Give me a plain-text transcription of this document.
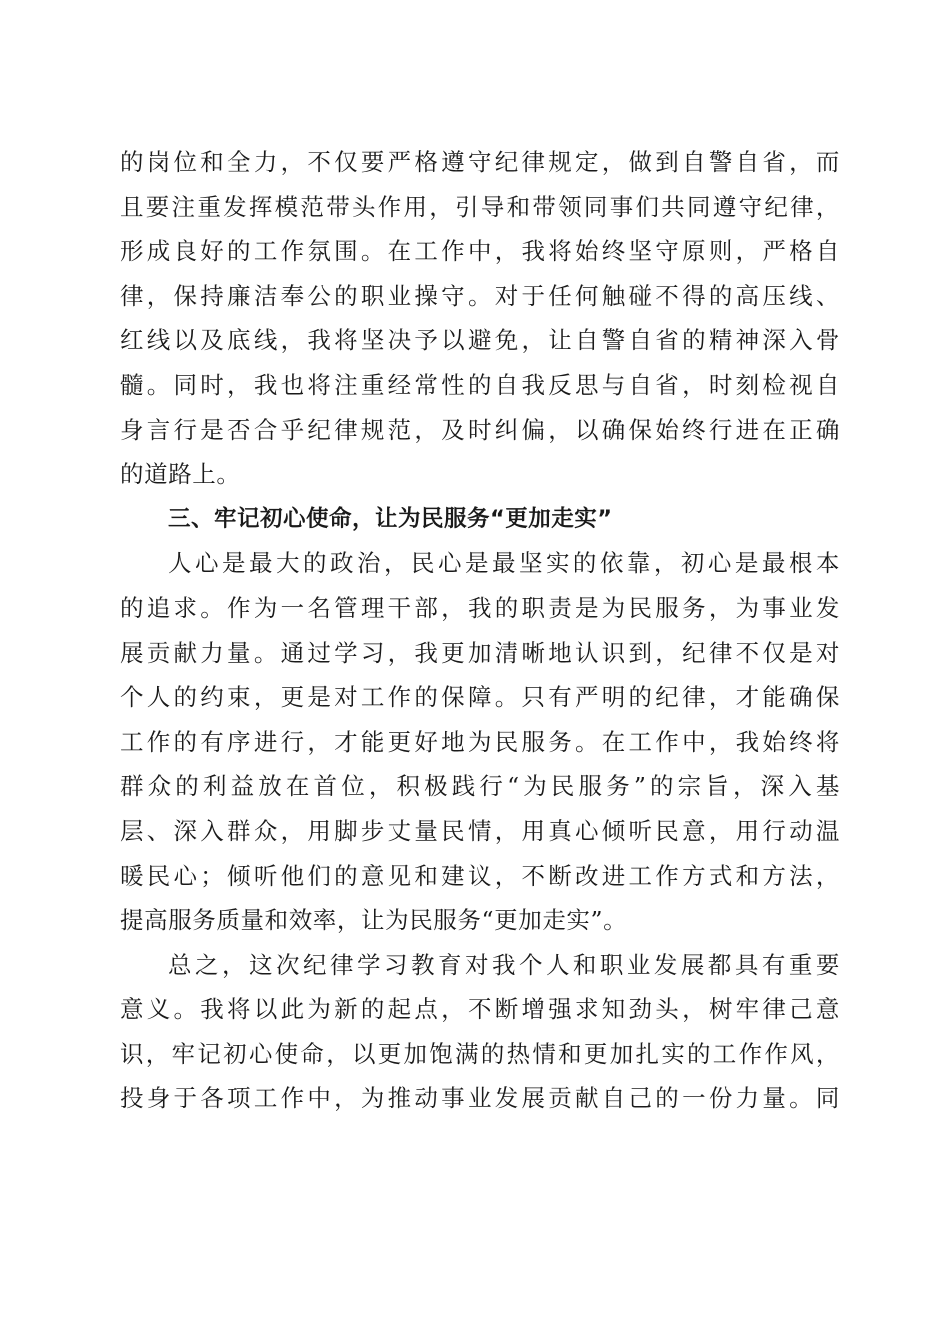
的岗位和全力，不仅要严格遵守纪律规定，做到自警自省，而
且要注重发挥模范带头作用，引导和带领同事们共同遵守纪律，
形成良好的工作氛围。在工作中，我将始终坚守原则，严格自
律，保持廉洁奉公的职业操守。对于任何触碰不得的高压线、
红线以及底线，我将坚决予以避免，让自警自省的精神深入骨
髓。同时，我也将注重经常性的自我反思与自省，时刻检视自
身言行是否合乎纪律规范，及时纠偏，以确保始终行进在正确
的道路上。
三、牢记初心使命，让为民服务“更加走实”
人心是最大的政治，民心是最坚实的依靠，初心是最根本
的追求。作为一名管理干部，我的职责是为民服务，为事业发
展贡献力量。通过学习，我更加清晰地认识到，纪律不仅是对
个人的约束，更是对工作的保障。只有严明的纪律，才能确保
工作的有序进行，才能更好地为民服务。在工作中，我始终将
群众的利益放在首位，积极践行“为民服务”的宗旨，深入基
层、深入群众，用脚步丈量民情，用真心倾听民意，用行动温
暖民心；倾听他们的意见和建议，不断改进工作方式和方法，
提高服务质量和效率，让为民服务“更加走实”。
总之，这次纪律学习教育对我个人和职业发展都具有重要
意义。我将以此为新的起点，不断增强求知劲头，树牢律己意
识，牢记初心使命，以更加饱满的热情和更加扎实的工作作风，
投身于各项工作中，为推动事业发展贡献自己的一份力量。同
